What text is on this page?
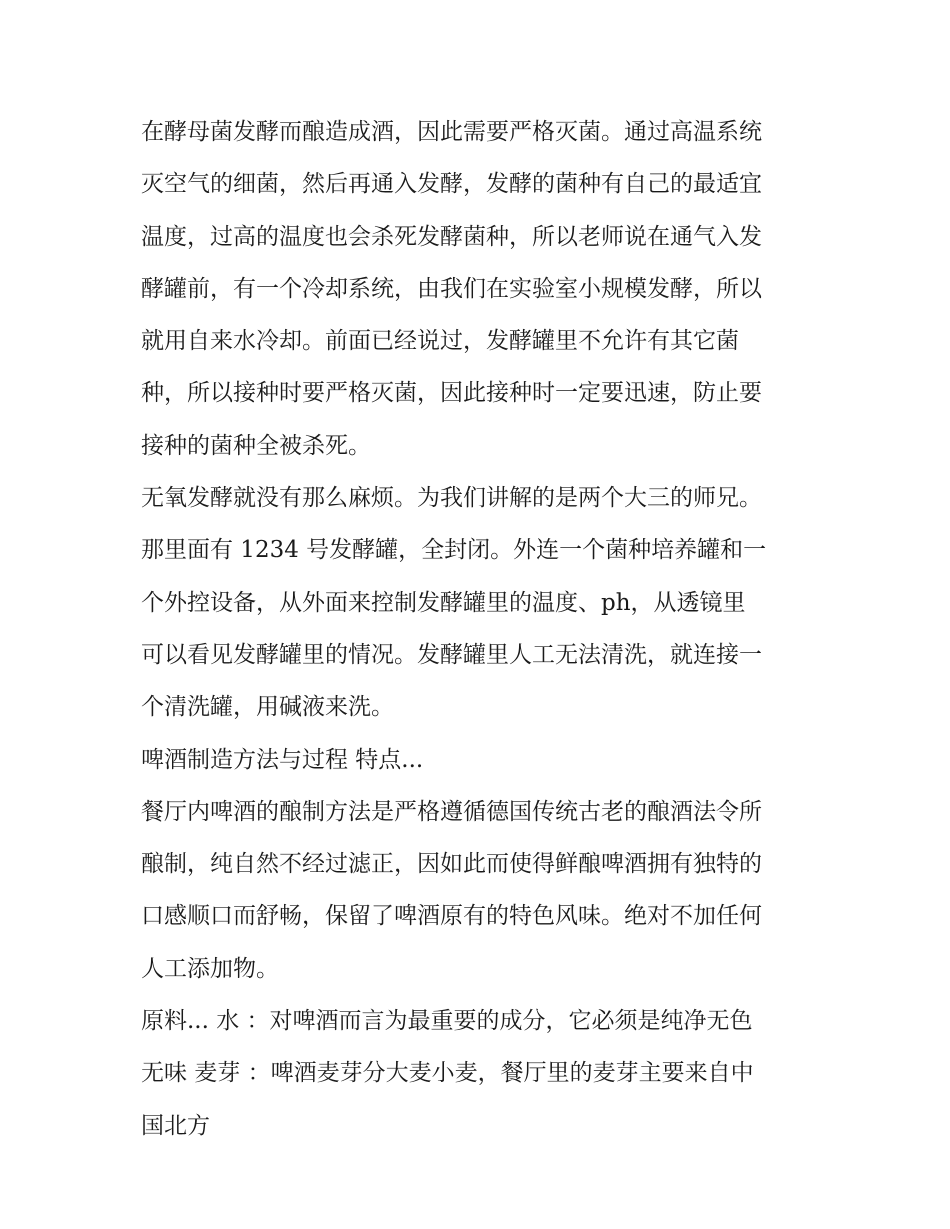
在酵母菌发酵而酿造成酒，因此需要严格灭菌。通过高温系统
灭空气的细菌，然后再通入发酵，发酵的菌种有自己的最适宜
温度，过高的温度也会杀死发酵菌种，所以老师说在通气入发
酵罐前，有一个冷却系统，由我们在实验室小规模发酵，所以
就用自来水冷却。前面已经说过，发酵罐里不允许有其它菌
种，所以接种时要严格灭菌，因此接种时一定要迅速，防止要
接种的菌种全被杀死。
无氧发酵就没有那么麻烦。为我们讲解的是两个大三的师兄。
那里面有 1234 号发酵罐，全封闭。外连一个菌种培养罐和一
个外控设备，从外面来控制发酵罐里的温度、ph，从透镜里
可以看见发酵罐里的情况。发酵罐里人工无法清洗，就连接一
个清洗罐，用碱液来洗。
啤酒制造方法与过程 特点...
餐厅内啤酒的酿制方法是严格遵循德国传统古老的酿酒法令所
酿制，纯自然不经过滤正，因如此而使得鲜酿啤酒拥有独特的
口感顺口而舒畅，保留了啤酒原有的特色风味。绝对不加任何
人工添加物。
原料... 水 ：对啤酒而言为最重要的成分，它必须是纯净无色
无味 麦芽 ：啤酒麦芽分大麦小麦，餐厅里的麦芽主要来自中
国北方
